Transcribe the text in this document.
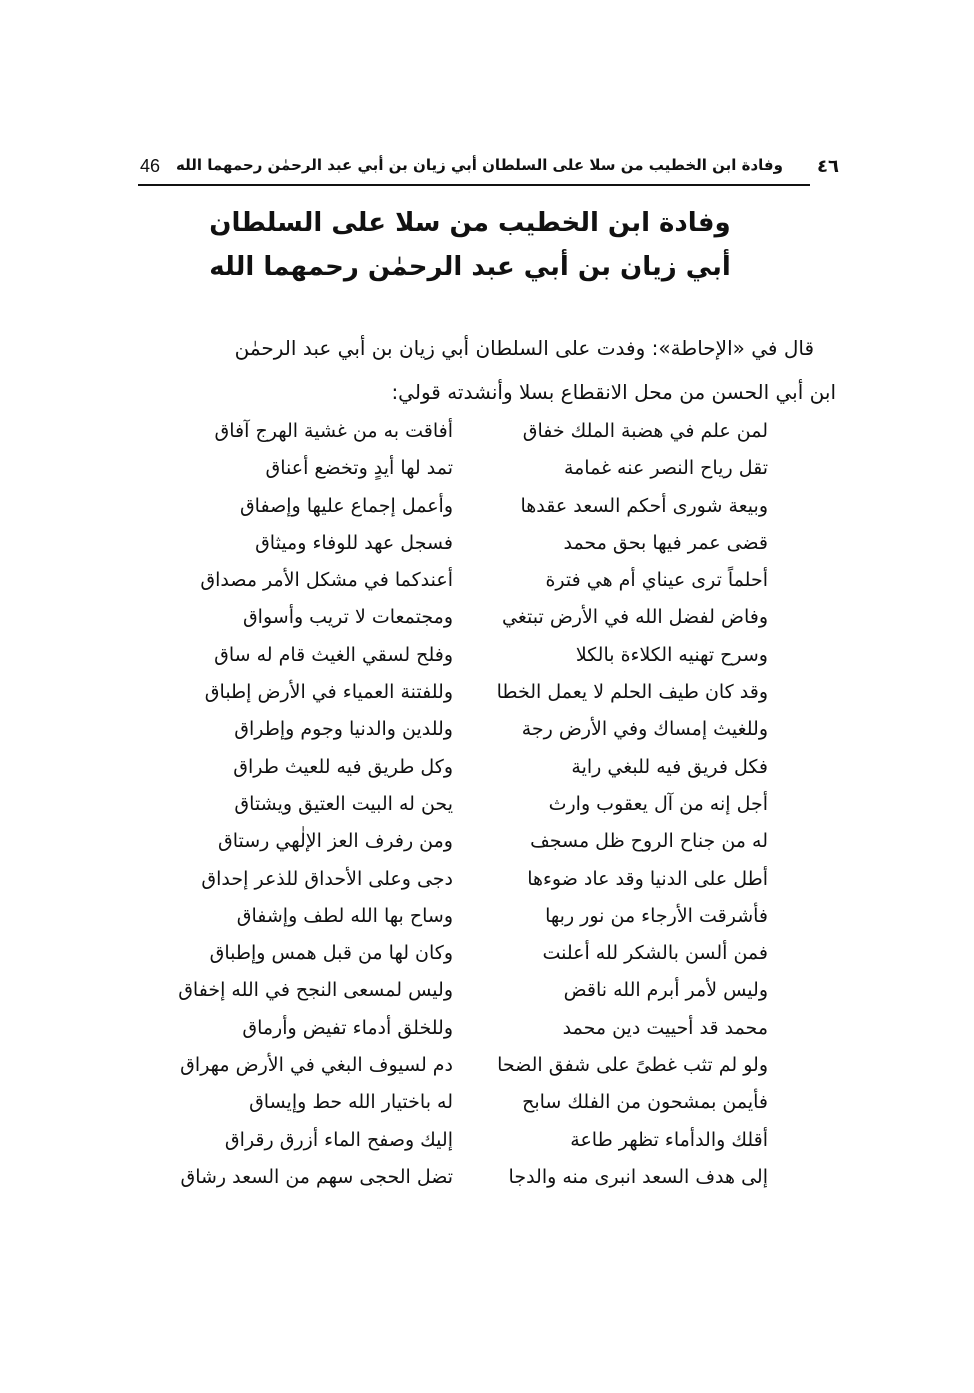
46	وفادة ابن الخطيب من سلا على السلطان أبي زيان بن أبي عبد الرحمٰن رحمهما الله ٤٦
وفادة ابن الخطيب من سلا على السلطان
أبي زيان بن أبي عبد الرحمٰن رحمهما الله
قال في «الإحاطة»: وفدت على السلطان أبي زيان بن أبي عبد الرحمٰن
ابن أبي الحسن من محل الانقطاع بسلا وأنشدته قولي:
لمن علم في هضبة الملك خفاق
أفاقت به من غشية الهرج آفاق
تقل رياح النصر عنه غمامة
تمد لها أيدٍ وتخضع أعناق
وبيعة شورى أحكم السعد عقدها
وأعمل إجماع عليها وإصفاق
قضى عمر فيها بحق محمد
فسجل عهد للوفاء وميثاق
أحلماً ترى عيناي أم هي فترة
أعندكما في مشكل الأمر مصداق
وفاض لفضل الله في الأرض تبتغي
ومجتمعات لا تريب وأسواق
وسرح تهنيه الكلاءة بالكلا
وفلح لسقي الغيث قام له ساق
وقد كان طيف الحلم لا يعمل الخطا
وللفتنة العمياء في الأرض إطباق
وللغيث إمساك وفي الأرض رجة
وللدين والدنيا وجوم وإطراق
فكل فريق فيه للبغي راية
وكل طريق فيه للعيث طراق
أجل إنه من آل يعقوب وارث
يحن له البيت العتيق ويشتاق
له من جناح الروح ظل مسجف
ومن رفرف العز الإلٰهي رستاق
أطل على الدنيا وقد عاد ضوءها
دجى وعلى الأحداق للذعر إحداق
فأشرقت الأرجاء من نور ربها
وساح بها الله لطف وإشفاق
فمن ألسن بالشكر لله أعلنت
وكان لها من قبل همس وإطباق
وليس لأمر أبرم الله ناقض
وليس لمسعى النجح في الله إخفاق
محمد قد أحييت دين محمد
وللخلق أدماء تفيض وأرماق
ولو لم تثب غطىً على شفق الضحا
دم لسيوف البغي في الأرض مهراق
فأيمن بمشحون من الفلك سابح
له باختيار الله حط وإيساق
أقلك والدأماء تظهر طاعة
إليك وصفح الماء أزرق رقراق
إلى هدف السعد انبرى منه والدجا
تضل الحجى سهم من السعد رشاق
